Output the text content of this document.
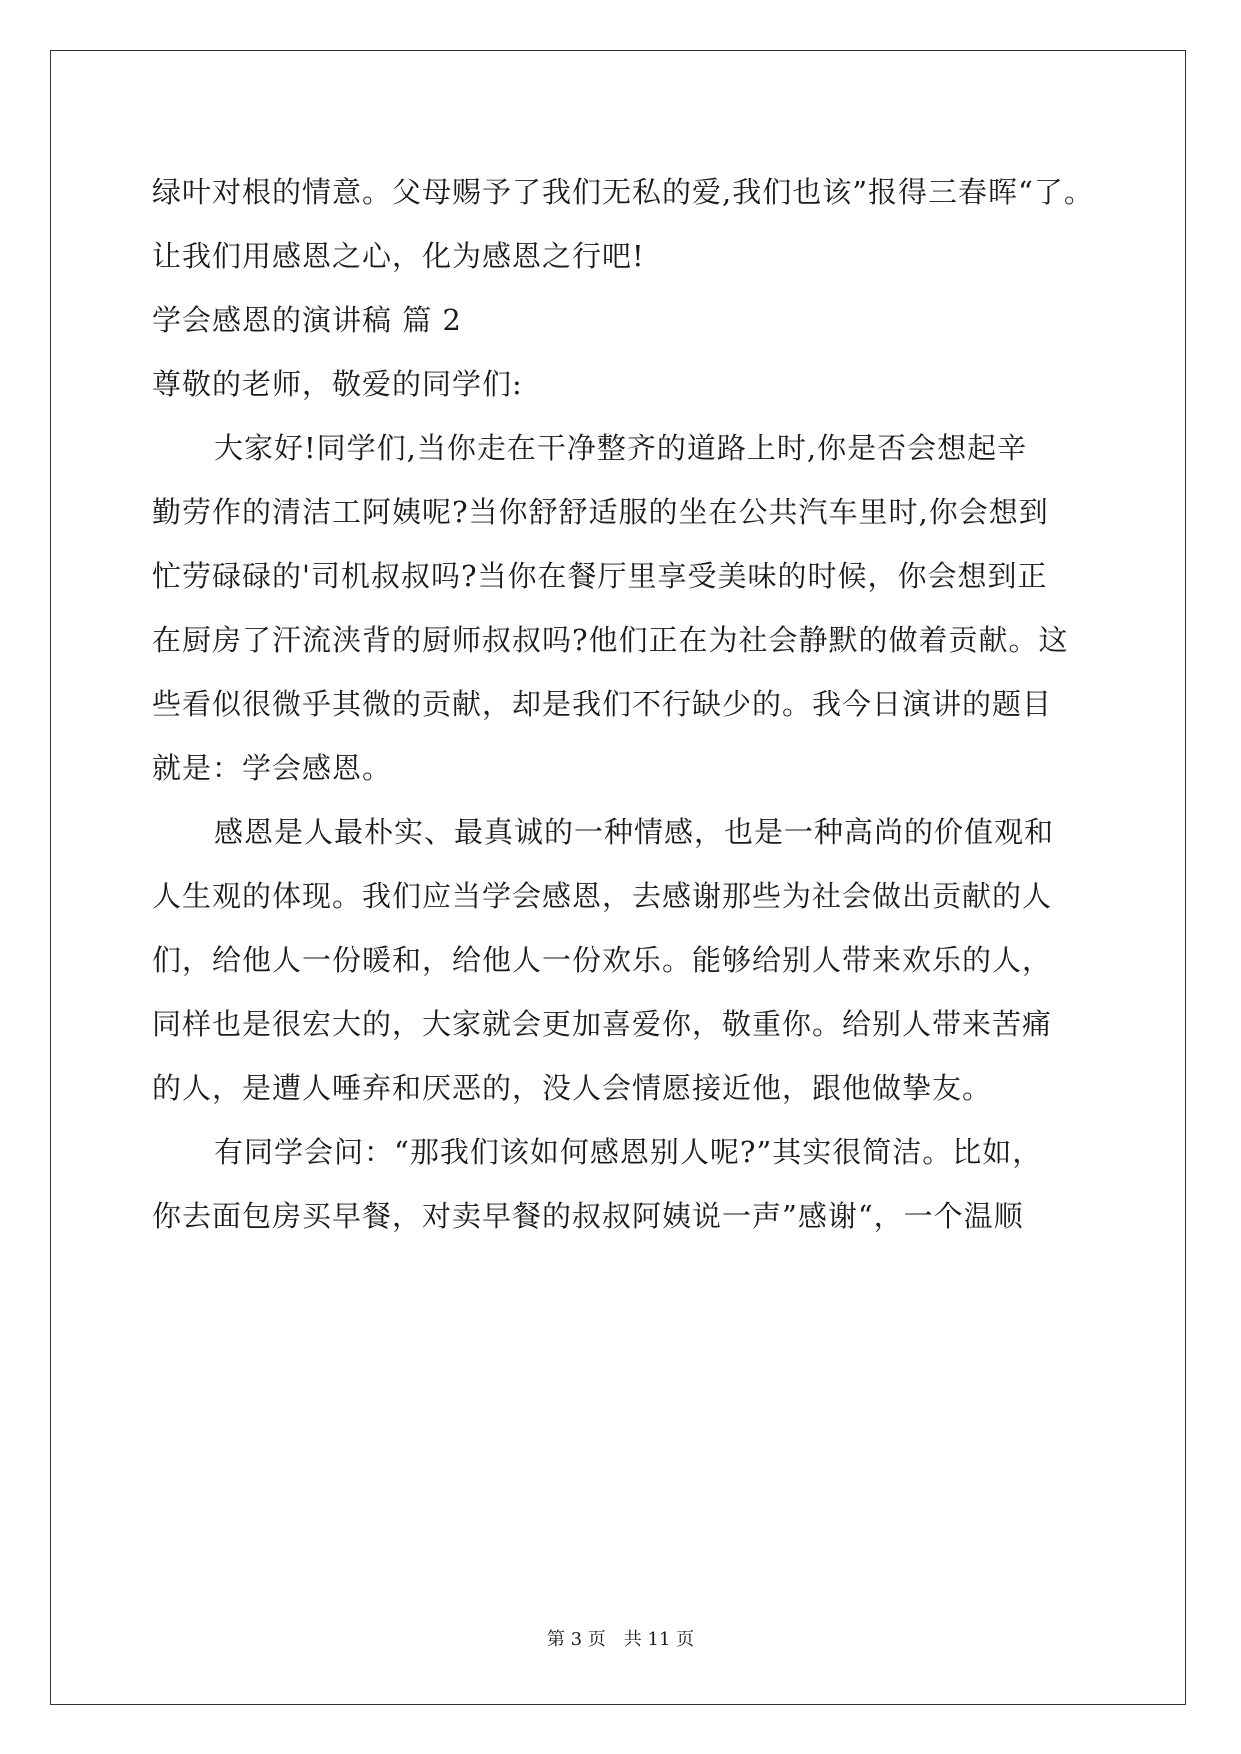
绿叶对根的情意。父母赐予了我们无私的爱,我们也该”报得三春晖“了。
让我们用感恩之心，化为感恩之行吧!
学会感恩的演讲稿 篇 2
尊敬的老师，敬爱的同学们:
大家好!同学们,当你走在干净整齐的道路上时,你是否会想起辛
勤劳作的清洁工阿姨呢?当你舒舒适服的坐在公共汽车里时,你会想到
忙劳碌碌的'司机叔叔吗?当你在餐厅里享受美味的时候，你会想到正
在厨房了汗流浃背的厨师叔叔吗?他们正在为社会静默的做着贡献。这
些看似很微乎其微的贡献，却是我们不行缺少的。我今日演讲的题目
就是：学会感恩。
感恩是人最朴实、最真诚的一种情感，也是一种高尚的价值观和
人生观的体现。我们应当学会感恩，去感谢那些为社会做出贡献的人
们，给他人一份暖和，给他人一份欢乐。能够给别人带来欢乐的人，
同样也是很宏大的，大家就会更加喜爱你，敬重你。给别人带来苦痛
的人，是遭人唾弃和厌恶的，没人会情愿接近他，跟他做挚友。
有同学会问：“那我们该如何感恩别人呢?”其实很简洁。比如，
你去面包房买早餐，对卖早餐的叔叔阿姨说一声”感谢“，一个温顺
第 3 页　共 11 页
